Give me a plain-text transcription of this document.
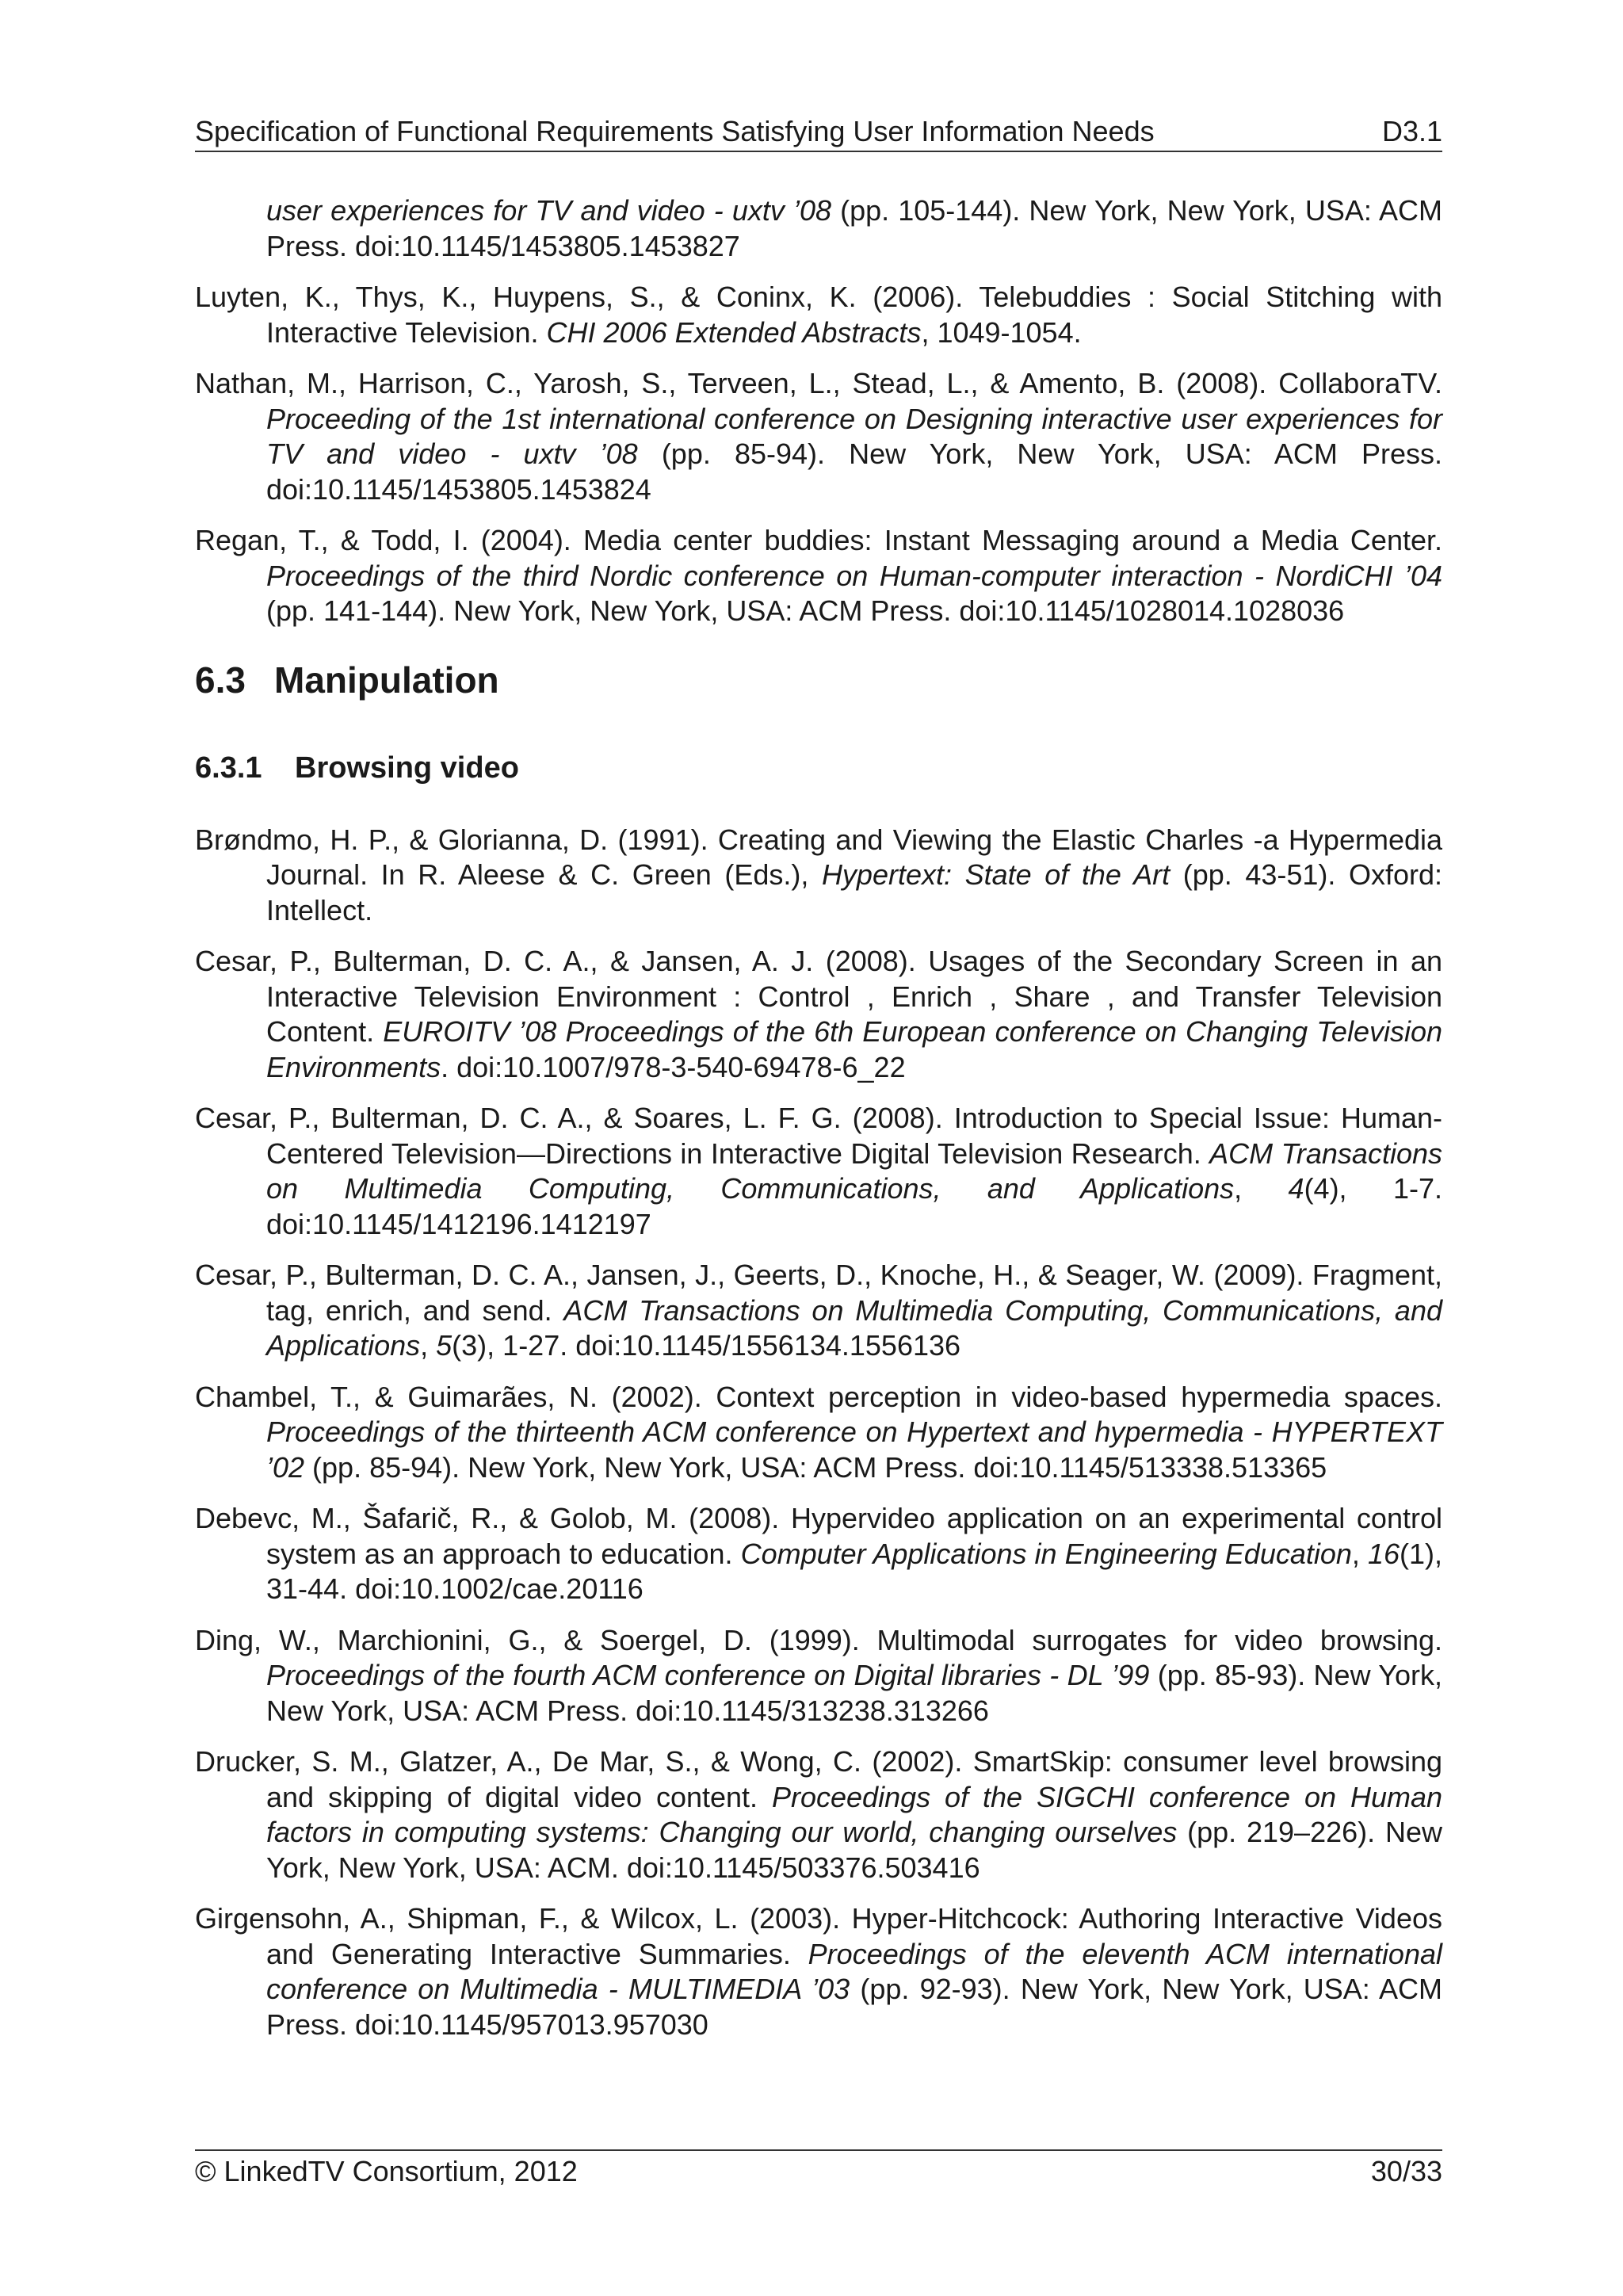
Specification of Functional Requirements Satisfying User Information Needs	D3.1

user experiences for TV and video - uxtv ’08 (pp. 105-144). New York, New York, USA: ACM Press. doi:10.1145/1453805.1453827

Luyten, K., Thys, K., Huypens, S., & Coninx, K. (2006). Telebuddies : Social Stitching with Interactive Television. CHI 2006 Extended Abstracts, 1049-1054.

Nathan, M., Harrison, C., Yarosh, S., Terveen, L., Stead, L., & Amento, B. (2008). CollaboraTV. Proceeding of the 1st international conference on Designing interactive user experiences for TV and video - uxtv ’08 (pp. 85-94). New York, New York, USA: ACM Press. doi:10.1145/1453805.1453824

Regan, T., & Todd, I. (2004). Media center buddies: Instant Messaging around a Media Center. Proceedings of the third Nordic conference on Human-computer interaction - NordiCHI ’04 (pp. 141-144). New York, New York, USA: ACM Press. doi:10.1145/1028014.1028036

6.3 Manipulation
6.3.1 Browsing video

Brøndmo, H. P., & Glorianna, D. (1991). Creating and Viewing the Elastic Charles -a Hypermedia Journal. In R. Aleese & C. Green (Eds.), Hypertext: State of the Art (pp. 43-51). Oxford: Intellect.

Cesar, P., Bulterman, D. C. A., & Jansen, A. J. (2008). Usages of the Secondary Screen in an Interactive Television Environment : Control , Enrich , Share , and Transfer Television Content. EUROITV ’08 Proceedings of the 6th European conference on Changing Television Environments. doi:10.1007/978-3-540-69478-6_22

Cesar, P., Bulterman, D. C. A., & Soares, L. F. G. (2008). Introduction to Special Issue: Human-Centered Television—Directions in Interactive Digital Television Research. ACM Transactions on Multimedia Computing, Communications, and Applications, 4(4), 1-7. doi:10.1145/1412196.1412197

Cesar, P., Bulterman, D. C. A., Jansen, J., Geerts, D., Knoche, H., & Seager, W. (2009). Fragment, tag, enrich, and send. ACM Transactions on Multimedia Computing, Communications, and Applications, 5(3), 1-27. doi:10.1145/1556134.1556136

Chambel, T., & Guimarães, N. (2002). Context perception in video-based hypermedia spaces. Proceedings of the thirteenth ACM conference on Hypertext and hypermedia - HYPERTEXT ’02 (pp. 85-94). New York, New York, USA: ACM Press. doi:10.1145/513338.513365

Debevc, M., Šafarič, R., & Golob, M. (2008). Hypervideo application on an experimental control system as an approach to education. Computer Applications in Engineering Education, 16(1), 31-44. doi:10.1002/cae.20116

Ding, W., Marchionini, G., & Soergel, D. (1999). Multimodal surrogates for video browsing. Proceedings of the fourth ACM conference on Digital libraries - DL ’99 (pp. 85-93). New York, New York, USA: ACM Press. doi:10.1145/313238.313266

Drucker, S. M., Glatzer, A., De Mar, S., & Wong, C. (2002). SmartSkip: consumer level browsing and skipping of digital video content. Proceedings of the SIGCHI conference on Human factors in computing systems: Changing our world, changing ourselves (pp. 219–226). New York, New York, USA: ACM. doi:10.1145/503376.503416

Girgensohn, A., Shipman, F., & Wilcox, L. (2003). Hyper-Hitchcock: Authoring Interactive Videos and Generating Interactive Summaries. Proceedings of the eleventh ACM international conference on Multimedia - MULTIMEDIA ’03 (pp. 92-93). New York, New York, USA: ACM Press. doi:10.1145/957013.957030

© LinkedTV Consortium, 2012	30/33
